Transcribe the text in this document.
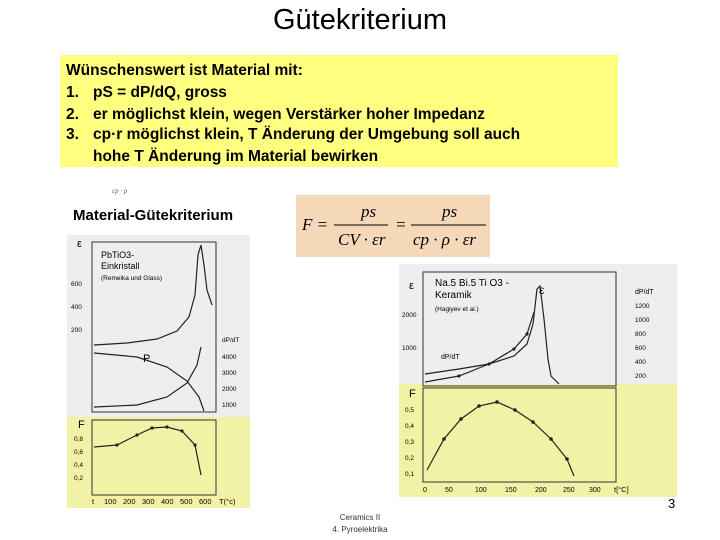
Gütekriterium
Wünschenswert ist Material mit:
1. pS = dP/dQ, gross
2. er möglichst klein, wegen Verstärker hoher Impedanz
3. cp·r möglichst klein, T Änderung der Umgebung soll auch
hohe T Änderung im Material bewirken
cp · ρ
Material-Gütekriterium	F =
ps
CV · εr
=
ps
cp · ρ · εr
ε
600
400
200
PbTiO3-
Einkristall
(Remeika und Glass)
P
dP/dT
4000
3000
2000
1000
F
0,8
0,6
0,4
0,2
t 100 200 300 400 500 600 T(°c)
ε
2000
1000
Na.5 Bi.5 Ti O3 -
Keramik
(Hagiyev et al.)
ε
dP/dT
dP/dT
1200
1000
800
600
400
200
F
0,5
0,4
0,3
0,2
0,1
0	50	100	150	200 250 300 t[°C]
3
Ceramics II
4. Pyroelektrika
